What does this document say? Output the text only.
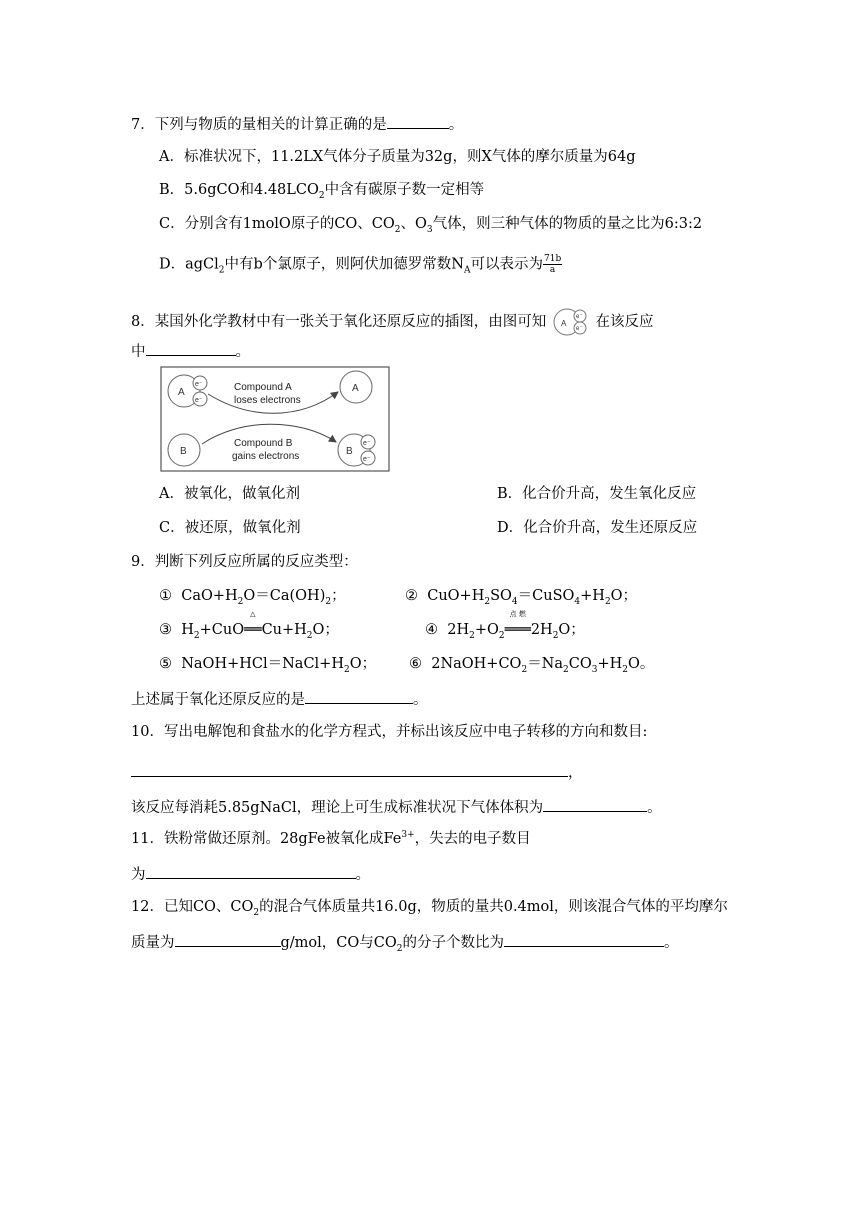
7．下列与物质的量相关的计算正确的是	。
A．标准状况下，11.2LX气体分子质量为32g，则X气体的摩尔质量为64g
B．5.6gCO和$4.48LCO_2$中含有碳原子数一定相等
C．分别含有1molO原子的CO、$CO_2$、$O_3$气体，则三种气体的物质的量之比为6:3:2
D．agCl$_2$中有b个氯原子，则阿伏加德罗常数$N_A$可以表示为 $\frac{71b}{a}$
8．某国外化学教材中有一张关于氧化还原反应的插图，由图可知 A
e⁻
e⁻ 在该反应
中	。
A
e⁻
e⁻
A
B	B
e⁻
e⁻
Compound A
loses electrons
Compound B
gains electrons
A．被氧化，做氧化剂	B．化合价升高，发生氧化反应
C．被还原，做氧化剂	D．化合价升高，发生还原反应
9．判断下列反应所属的反应类型：
① $CaO+H_2O=Ca(OH)_2$；	② $CuO+H_2SO_4=CuSO_4+H_2O$；
③ $H_2+CuO$
△
$══Cu+H_2O$；	④ $2H_2+O_2$
点 燃
$═══2H_2O$；
⑤ $NaOH+HCl=NaCl+H_2O$； ⑥ $2NaOH+CO_2=Na_2CO_3+H_2O$。
上述属于氧化还原反应的是	。
10．写出电解饱和食盐水的化学方程式，并标出该反应中电子转移的方向和数目:
，
该反应每消耗5.85gNaCl，理论上可生成标准状况下气体体积为	。
11．铁粉常做还原剂。28gFe被氧化成$Fe^{3+}$，失去的电子数目
为	。
12．已知CO、$CO_2$的混合气体质量共16.0g，物质的量共0.4mol，则该混合气体的平均摩尔
质量为	g/mol，CO与$CO_2$的分子个数比为	。
